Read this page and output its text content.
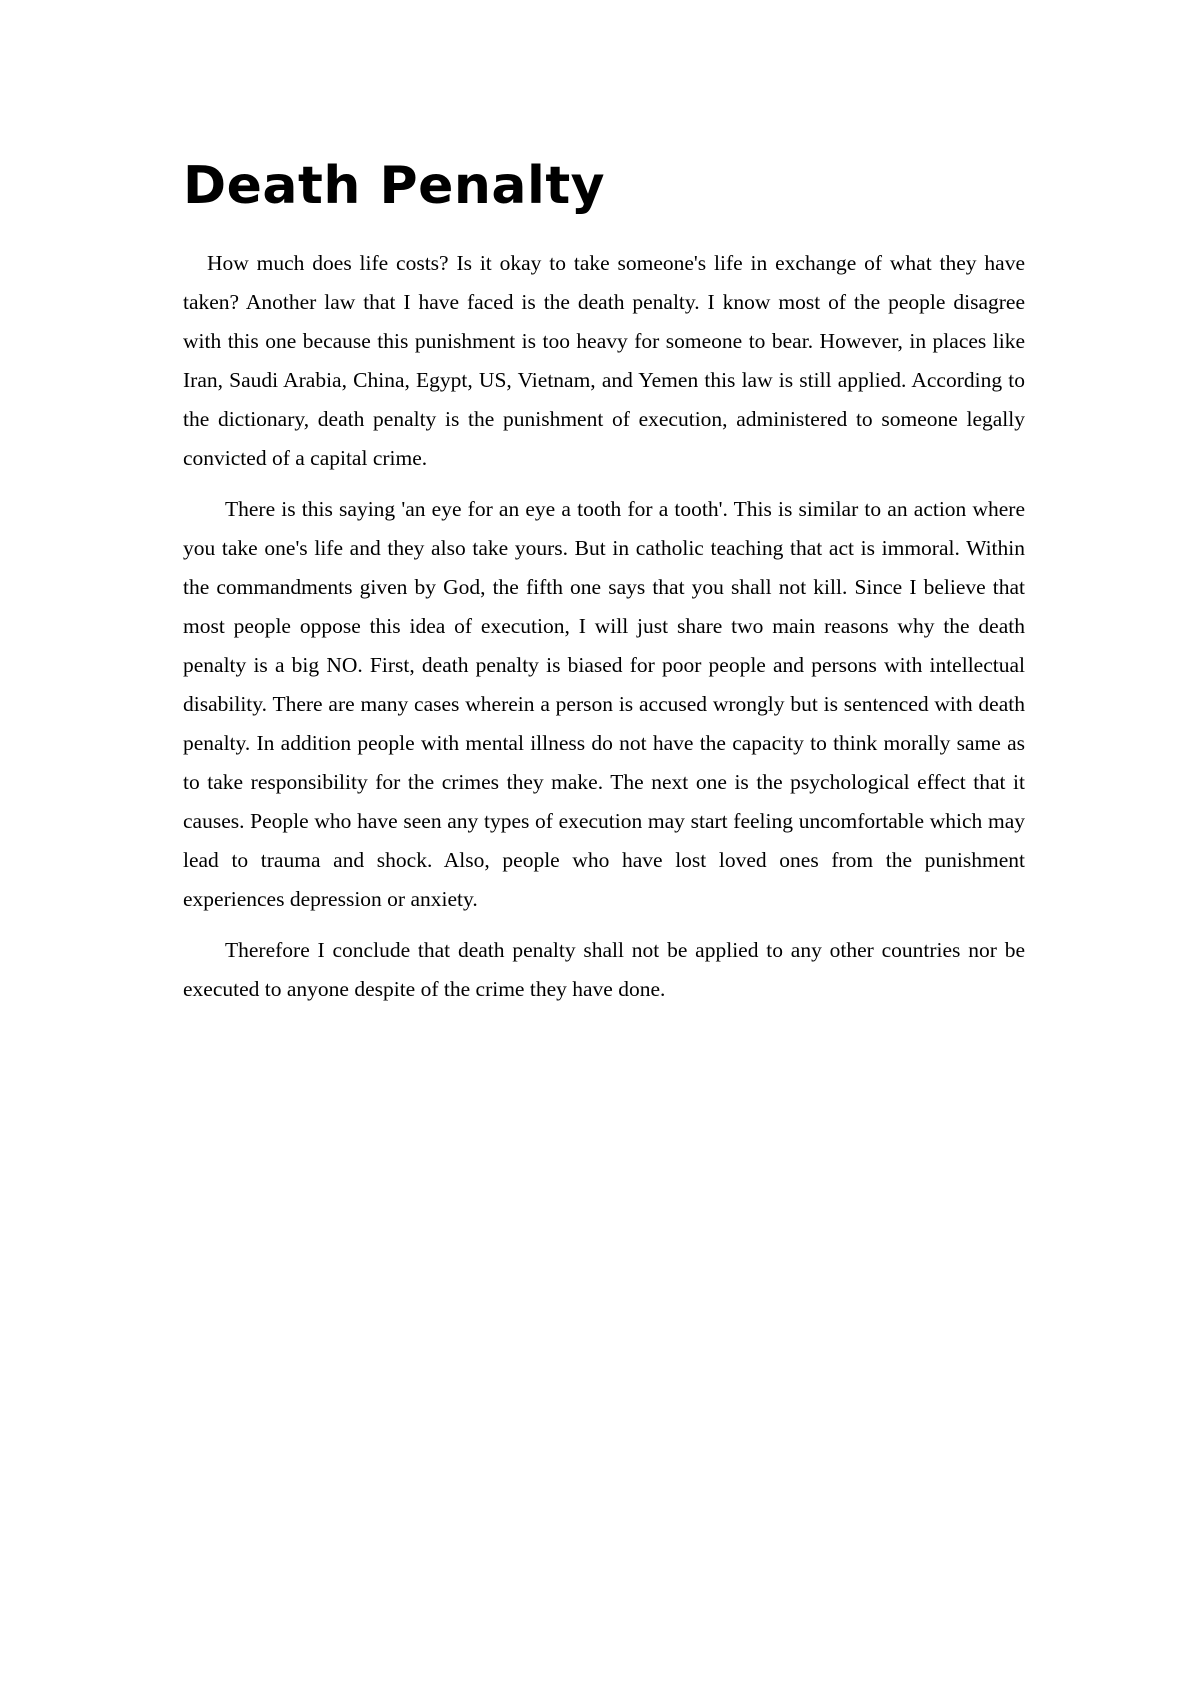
Death Penalty

How much does life costs? Is it okay to take someone's life in exchange of what they have taken? Another law that I have faced is the death penalty. I know most of the people disagree with this one because this punishment is too heavy for someone to bear. However, in places like Iran, Saudi Arabia, China, Egypt, US, Vietnam, and Yemen this law is still applied. According to the dictionary, death penalty is the punishment of execution, administered to someone legally convicted of a capital crime.

There is this saying 'an eye for an eye a tooth for a tooth'. This is similar to an action where you take one's life and they also take yours. But in catholic teaching that act is immoral. Within the commandments given by God, the fifth one says that you shall not kill. Since I believe that most people oppose this idea of execution, I will just share two main reasons why the death penalty is a big NO. First, death penalty is biased for poor people and persons with intellectual disability. There are many cases wherein a person is accused wrongly but is sentenced with death penalty. In addition people with mental illness do not have the capacity to think morally same as to take responsibility for the crimes they make. The next one is the psychological effect that it causes. People who have seen any types of execution may start feeling uncomfortable which may lead to trauma and shock. Also, people who have lost loved ones from the punishment experiences depression or anxiety.

Therefore I conclude that death penalty shall not be applied to any other countries nor be executed to anyone despite of the crime they have done.
